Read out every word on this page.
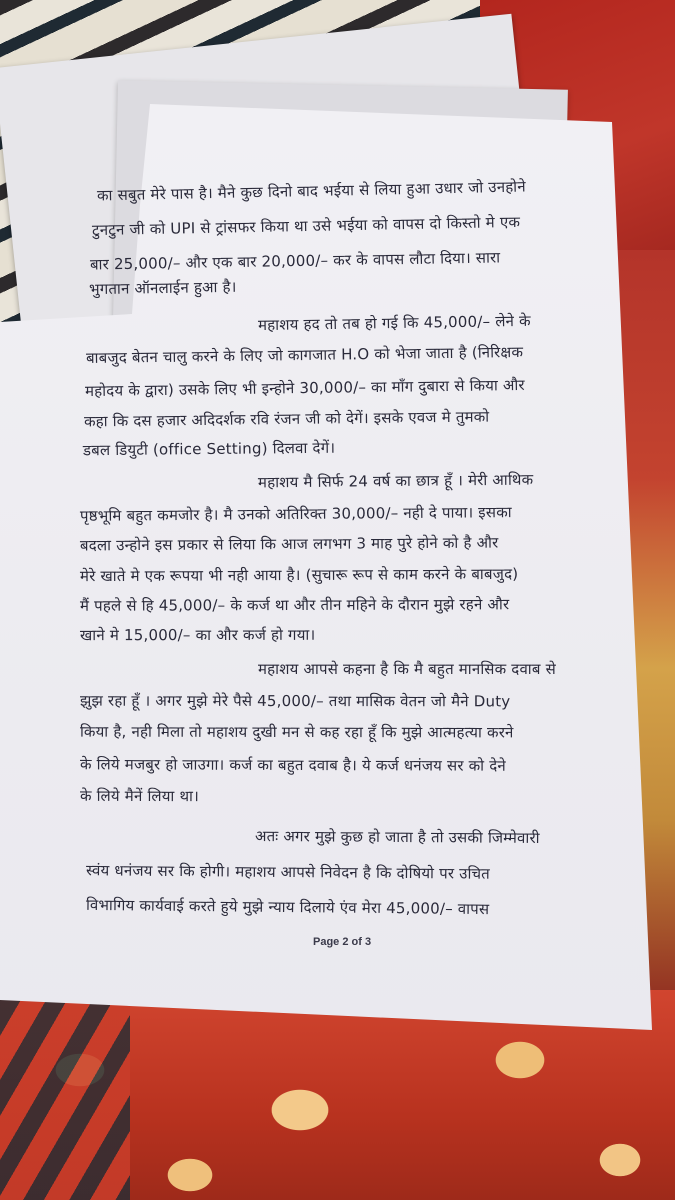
का सबुत मेरे पास है। मैने कुछ दिनो बाद भईया से लिया हुआ उधार जो उनहोने
टुनटुन जी को UPI से ट्रांसफर किया था उसे भईया को वापस दो किस्तो मे एक
बार 25,000/– और एक बार 20,000/– कर के वापस लौटा दिया। सारा
भुगतान ऑनलाईन हुआ है।
महाशय हद तो तब हो गई कि 45,000/– लेने के
बाबजुद बेतन चालु करने के लिए जो कागजात H.O को भेजा जाता है (निरिक्षक
महोदय के द्वारा) उसके लिए भी इन्होने 30,000/– का माँग दुबारा से किया और
कहा कि दस हजार अदिदर्शक रवि रंजन जी को देगें। इसके एवज मे तुमको
डबल डियुटी (office Setting) दिलवा देगें।
महाशय मै सिर्फ 24 वर्ष का छात्र हूँ । मेरी आथिक
पृष्ठभूमि बहुत कमजोर है। मै उनको अतिरिक्त 30,000/– नही दे पाया। इसका
बदला उन्होने इस प्रकार से लिया कि आज लगभग 3 माह पुरे होने को है और
मेरे खाते मे एक रूपया भी नही आया है। (सुचारू रूप से काम करने के बाबजुद)
मैं पहले से हि 45,000/– के कर्ज था और तीन महिने के दौरान मुझे रहने और
खाने मे 15,000/– का और कर्ज हो गया।
महाशय आपसे कहना है कि मै बहुत मानसिक दवाब से
झुझ रहा हूँ । अगर मुझे मेरे पैसे 45,000/– तथा मासिक वेतन जो मैने Duty
किया है, नही मिला तो महाशय दुखी मन से कह रहा हूँ कि मुझे आत्महत्या करने
के लिये मजबुर हो जाउगा। कर्ज का बहुत दवाब है। ये कर्ज धनंजय सर को देने
के लिये मैनें लिया था।
अतः अगर मुझे कुछ हो जाता है तो उसकी जिम्मेवारी
स्वंय धनंजय सर कि होगी। महाशय आपसे निवेदन है कि दोषियो पर उचित
विभागिय कार्यवाई करते हुये मुझे न्याय दिलाये एंव मेरा 45,000/– वापस
Page 2 of 3
